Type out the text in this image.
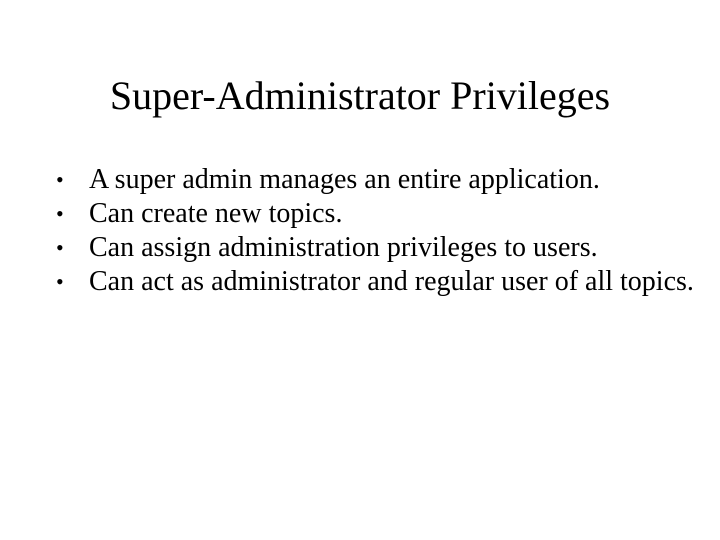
Super-Administrator Privileges
• A super admin manages an entire application.
• Can create new topics.
• Can assign administration privileges to users.
• Can act as administrator and regular user of all topics.
